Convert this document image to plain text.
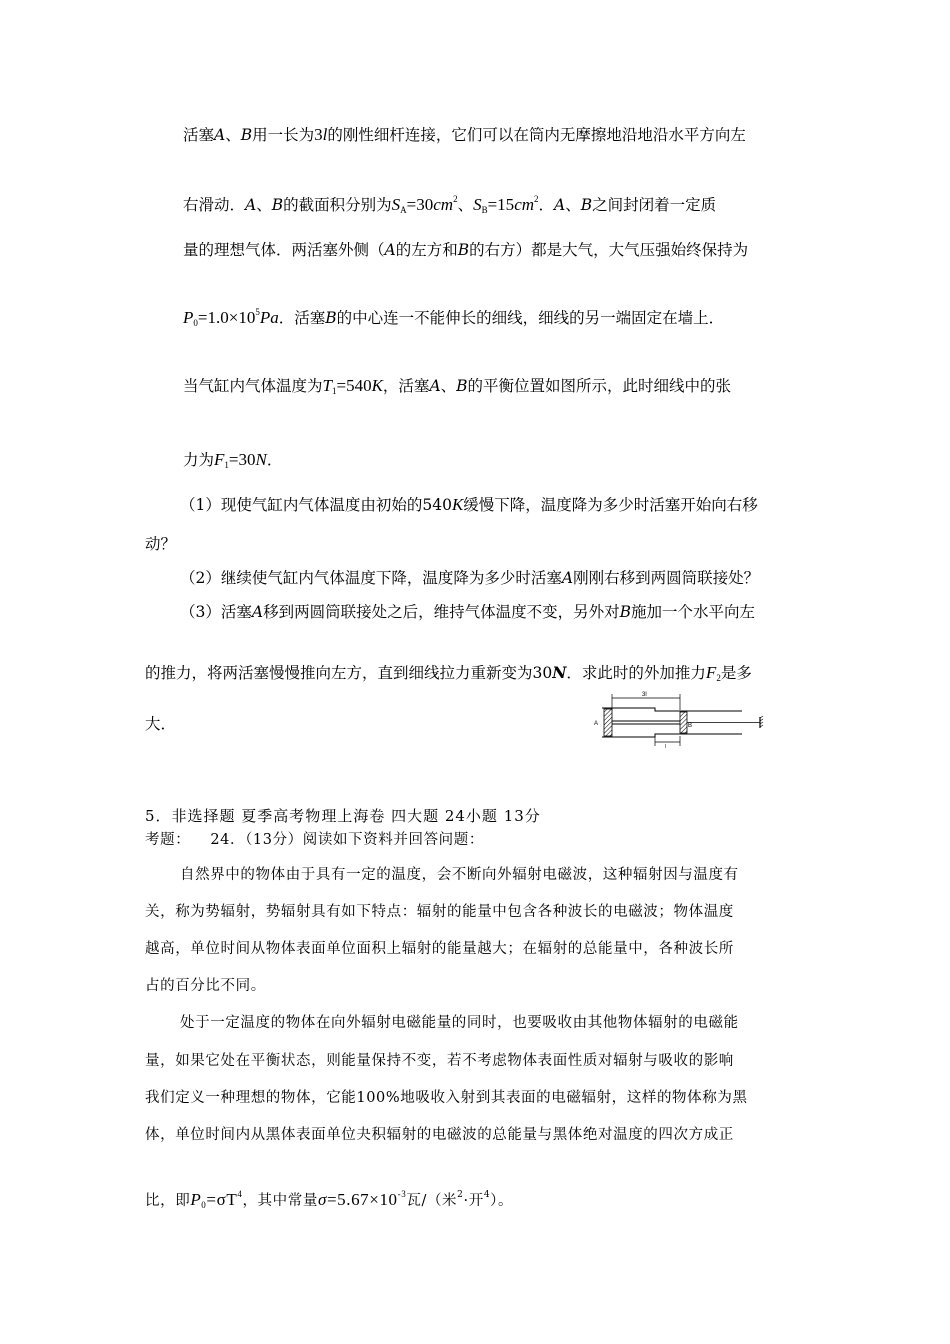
活塞A、B用一长为3l的刚性细杆连接，它们可以在筒内无摩擦地沿地沿水平方向左
右滑动．A、B的截面积分别为$S_A=30cm^2$、$S_B=15cm^2$．A、B之间封闭着一定质
量的理想气体．两活塞外侧（A的左方和B的右方）都是大气，大气压强始终保持为
$P_0=1.0\times 10^5Pa$．活塞B的中心连一不能伸长的细线，细线的另一端固定在墙上．
当气缸内气体温度为$T_1=540K$，活塞A、B的平衡位置如图所示，此时细线中的张
力为$F_1=30N$．
（1）现使气缸内气体温度由初始的540K缓慢下降，温度降为多少时活塞开始向右移
动？
（2）继续使气缸内气体温度下降，温度降为多少时活塞A刚刚右移到两圆筒联接处？
（3）活塞A移到两圆筒联接处之后，维持气体温度不变，另外对B施加一个水平向左
的推力，将两活塞慢慢推向左方，直到细线拉力重新变为30N．求此时的外加推力$F_2$是多
大．
3l
A	B
l
5．非选择题 夏季高考物理上海卷 四大题 24小题 13分
考题： 24．（13分）阅读如下资料并回答问题：
自然界中的物体由于具有一定的温度，会不断向外辐射电磁波，这种辐射因与温度有
关，称为势辐射，势辐射具有如下特点：辐射的能量中包含各种波长的电磁波；物体温度
越高，单位时间从物体表面单位面积上辐射的能量越大；在辐射的总能量中，各种波长所
占的百分比不同。
处于一定温度的物体在向外辐射电磁能量的同时，也要吸收由其他物体辐射的电磁能
量，如果它处在平衡状态，则能量保持不变，若不考虑物体表面性质对辐射与吸收的影响
我们定义一种理想的物体，它能100%地吸收入射到其表面的电磁辐射，这样的物体称为黑
体，单位时间内从黑体表面单位夬积辐射的电磁波的总能量与黑体绝对温度的四次方成正
比，即$P_0=\sigma T^4$，其中常量$\sigma=5.67\times 10^{-3}$瓦/（米$^2$·开$^4$）。
